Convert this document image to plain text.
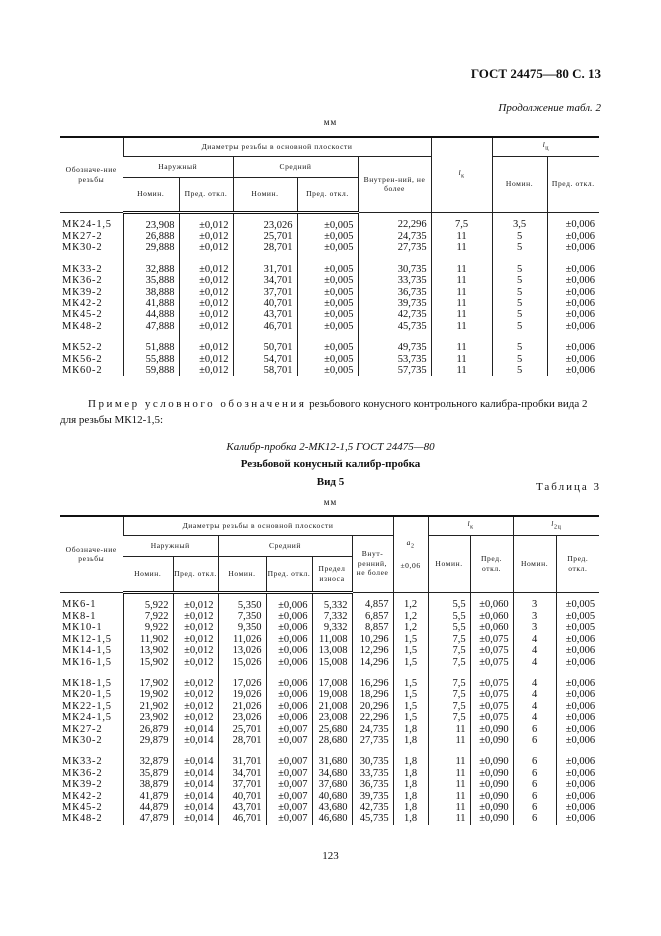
ГОСТ 24475—80 С. 13
Продолжение табл. 2
мм
Обозначе-ние резьбы	Диаметры резьбы в основной плоскости					$l_к$	$l_ц$
	Наружный		Средний		Внутрен-ний, не более		Номин.	Пред. откл.
	Номин.	Пред. откл.	Номин.	Пред. откл.				
МК24-1,5	23,908	±0,012	23,026	±0,005	22,296	7,5	3,5	±0,006
МК27-2	26,888	±0,012	25,701	±0,005	24,735	11	5	±0,006
МК30-2	29,888	±0,012	28,701	±0,005	27,735	11	5	±0,006

МК33-2	32,888	±0,012	31,701	±0,005	30,735	11	5	±0,006
МК36-2	35,888	±0,012	34,701	±0,005	33,735	11	5	±0,006
МК39-2	38,888	±0,012	37,701	±0,005	36,735	11	5	±0,006
МК42-2	41,888	±0,012	40,701	±0,005	39,735	11	5	±0,006
МК45-2	44,888	±0,012	43,701	±0,005	42,735	11	5	±0,006
МК48-2	47,888	±0,012	46,701	±0,005	45,735	11	5	±0,006

МК52-2	51,888	±0,012	50,701	±0,005	49,735	11	5	±0,006
МК56-2	55,888	±0,012	54,701	±0,005	53,735	11	5	±0,006
МК60-2	59,888	±0,012	58,701	±0,005	57,735	11	5	±0,006
Пример условного обозначения резьбового конусного контрольного калибра-пробки вида 2 для резьбы МК12-1,5:
Калибр-пробка 2-МК12-1,5 ГОСТ 24475—80
Резьбовой конусный калибр-пробка
Вид 5	Таблица 3
мм
Обозначе-ние резьбы	Диаметры резьбы в основной плоскости						$a_2$

±0,06	$l_к$		$l_{2ц}$
	Наружный		Средний			Внут-ренний, не более		Номин.	Пред. откл.	Номин.	Пред. откл.
	Номин.	Пред. откл.	Номин.	Пред. откл.	Предел износа						
МК6-1	5,922	±0,012	5,350	±0,006	5,332	4,857	1,2	5,5	±0,060	3	±0,005
МК8-1	7,922	±0,012	7,350	±0,006	7,332	6,857	1,2	5,5	±0,060	3	±0,005
МК10-1	9,922	±0,012	9,350	±0,006	9,332	8,857	1,2	5,5	±0,060	3	±0,005
МК12-1,5	11,902	±0,012	11,026	±0,006	11,008	10,296	1,5	7,5	±0,075	4	±0,006
МК14-1,5	13,902	±0,012	13,026	±0,006	13,008	12,296	1,5	7,5	±0,075	4	±0,006
МК16-1,5	15,902	±0,012	15,026	±0,006	15,008	14,296	1,5	7,5	±0,075	4	±0,006

МК18-1,5	17,902	±0,012	17,026	±0,006	17,008	16,296	1,5	7,5	±0,075	4	±0,006
МК20-1,5	19,902	±0,012	19,026	±0,006	19,008	18,296	1,5	7,5	±0,075	4	±0,006
МК22-1,5	21,902	±0,012	21,026	±0,006	21,008	20,296	1,5	7,5	±0,075	4	±0,006
МК24-1,5	23,902	±0,012	23,026	±0,006	23,008	22,296	1,5	7,5	±0,075	4	±0,006
МК27-2	26,879	±0,014	25,701	±0,007	25,680	24,735	1,8	11	±0,090	6	±0,006
МК30-2	29,879	±0,014	28,701	±0,007	28,680	27,735	1,8	11	±0,090	6	±0,006

МК33-2	32,879	±0,014	31,701	±0,007	31,680	30,735	1,8	11	±0,090	6	±0,006
МК36-2	35,879	±0,014	34,701	±0,007	34,680	33,735	1,8	11	±0,090	6	±0,006
МК39-2	38,879	±0,014	37,701	±0,007	37,680	36,735	1,8	11	±0,090	6	±0,006
МК42-2	41,879	±0,014	40,701	±0,007	40,680	39,735	1,8	11	±0,090	6	±0,006
МК45-2	44,879	±0,014	43,701	±0,007	43,680	42,735	1,8	11	±0,090	6	±0,006
МК48-2	47,879	±0,014	46,701	±0,007	46,680	45,735	1,8	11	±0,090	6	±0,006
123
